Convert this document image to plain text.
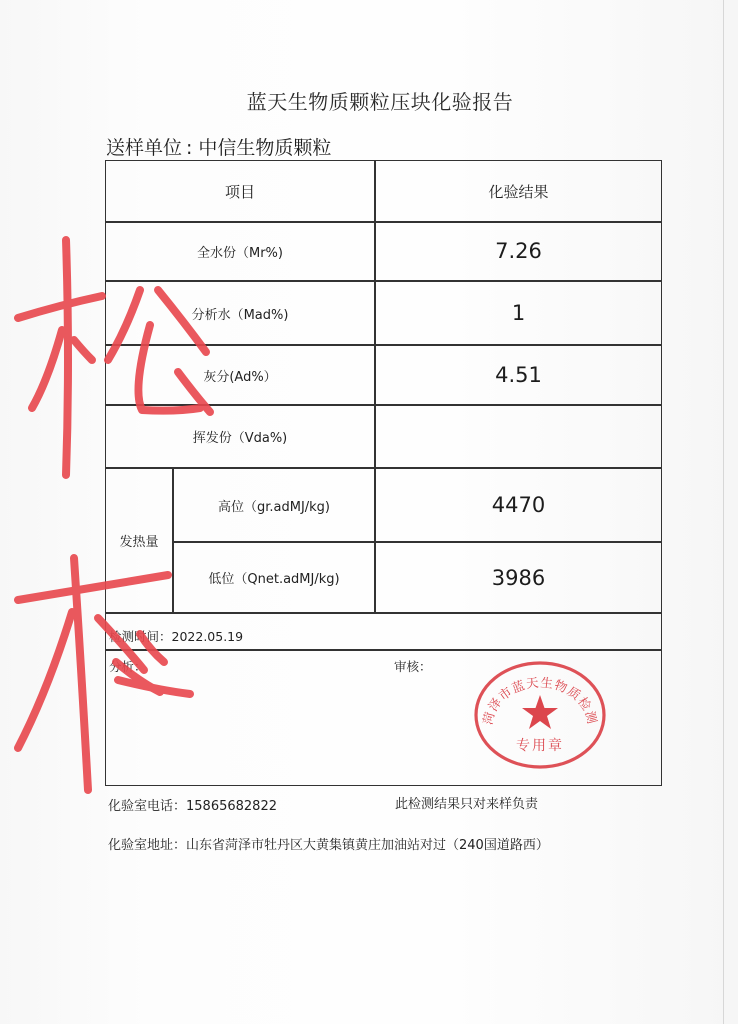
蓝天生物质颗粒压块化验报告
送样单位 : 中信生物质颗粒
项目	化验结果
全水份（Mr%)	7.26
分析水（Mad%)	1
灰分(Ad%）	4.51
挥发份（Vda%)
发热量
高位（gr.adMJ/kg)	4470
低位（Qnet.adMJ/kg)	3986
检测时间：2022.05.19
分析：	审核：
菏泽市蓝天生物质检测
专用章
化验室电话：15865682822	此检测结果只对来样负责
化验室地址：山东省菏泽市牡丹区大黄集镇黄庄加油站对过（240国道路西）
